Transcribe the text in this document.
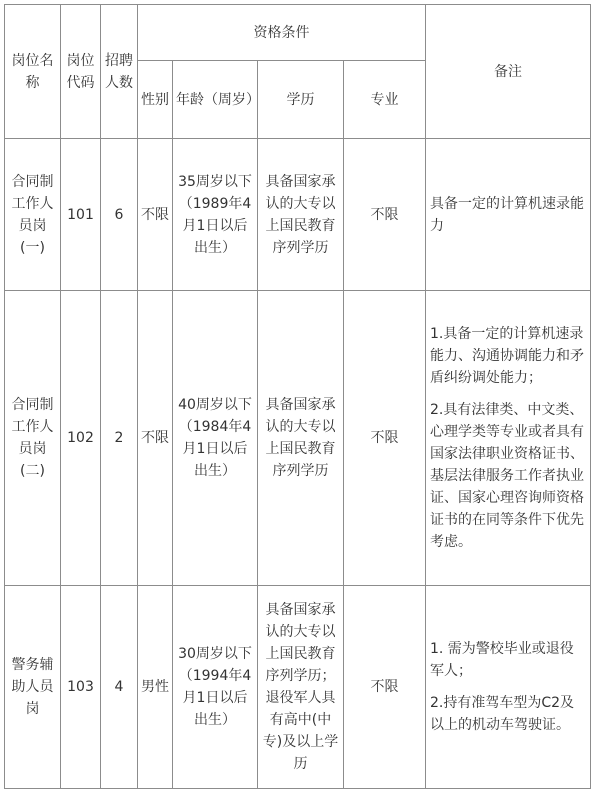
岗位名称	岗位代码	招聘人数	资格条件				备注
			性别	年龄（周岁）	学历	专业	
合同制工作人员岗(一)	101	6	不限	35周岁以下（1989年4月1日以后出生）	具备国家承认的大专以上国民教育序列学历	不限	具备一定的计算机速录能力

合同制工作人员岗(二)	102	2	不限	40周岁以下（1984年4月1日以后出生）	具备国家承认的大专以上国民教育序列学历	不限	1.具备一定的计算机速录能力、沟通协调能力和矛盾纠纷调处能力；

2.具有法律类、中文类、心理学类等专业或者具有国家法律职业资格证书、基层法律服务工作者执业证、国家心理咨询师资格证书的在同等条件下优先考虑。

警务辅助人员岗	103	4	男性	30周岁以下（1994年4月1日以后出生）	具备国家承认的大专以上国民教育序列学历；退役军人具有高中(中专)及以上学历	不限	1. 需为警校毕业或退役军人；

2.持有准驾车型为C2及以上的机动车驾驶证。
